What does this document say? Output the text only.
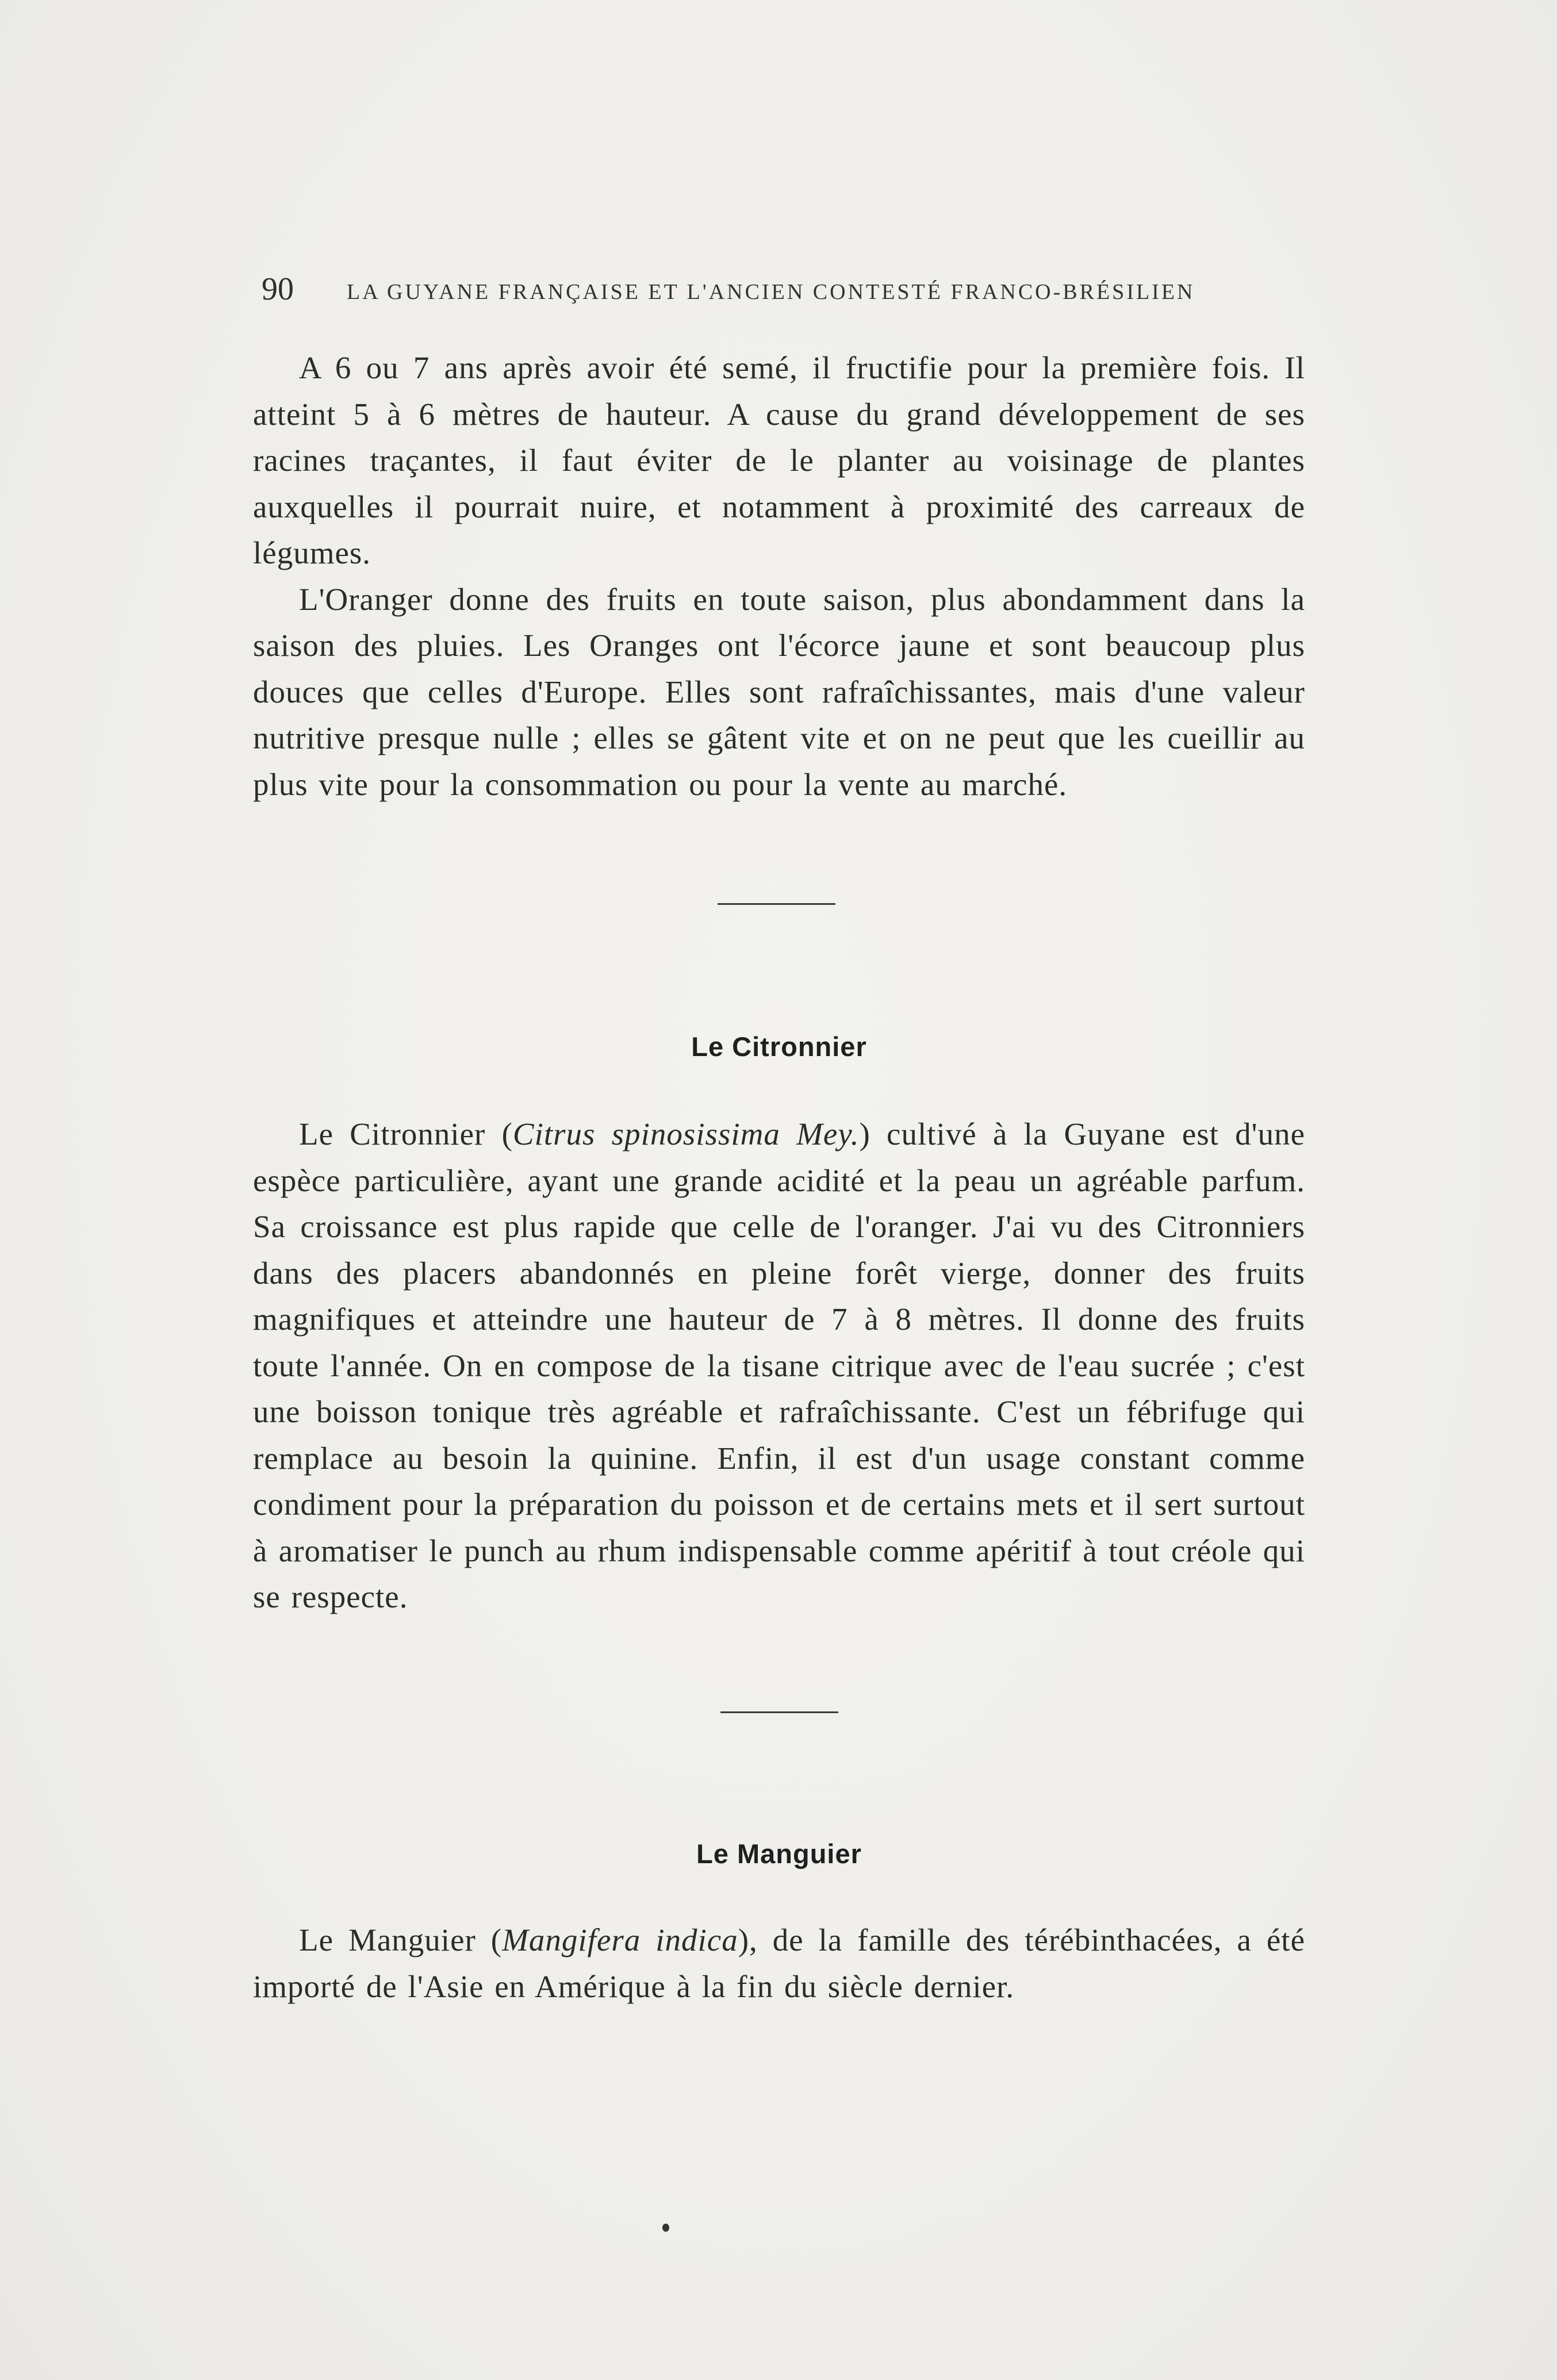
90 LA GUYANE FRANÇAISE ET L'ANCIEN CONTESTÉ FRANCO-BRÉSILIEN

A 6 ou 7 ans après avoir été semé, il fructifie pour la première fois. Il atteint 5 à 6 mètres de hauteur. A cause du grand développement de ses racines traçantes, il faut éviter de le planter au voisinage de plantes auxquelles il pourrait nuire, et notamment à proximité des carreaux de légumes.

L'Oranger donne des fruits en toute saison, plus abondamment dans la saison des pluies. Les Oranges ont l'écorce jaune et sont beaucoup plus douces que celles d'Europe. Elles sont rafraîchissantes, mais d'une valeur nutritive presque nulle ; elles se gâtent vite et on ne peut que les cueillir au plus vite pour la consommation ou pour la vente au marché.

Le Citronnier

Le Citronnier (Citrus spinosissima Mey.) cultivé à la Guyane est d'une espèce particulière, ayant une grande acidité et la peau un agréable parfum. Sa croissance est plus rapide que celle de l'oranger. J'ai vu des Citronniers dans des placers abandonnés en pleine forêt vierge, donner des fruits magnifiques et atteindre une hauteur de 7 à 8 mètres. Il donne des fruits toute l'année. On en compose de la tisane citrique avec de l'eau sucrée ; c'est une boisson tonique très agréable et rafraîchissante. C'est un fébrifuge qui remplace au besoin la quinine. Enfin, il est d'un usage constant comme condiment pour la préparation du poisson et de certains mets et il sert surtout à aromatiser le punch au rhum indispensable comme apéritif à tout créole qui se respecte.

Le Manguier

Le Manguier (Mangifera indica), de la famille des térébinthacées, a été importé de l'Asie en Amérique à la fin du siècle dernier.
